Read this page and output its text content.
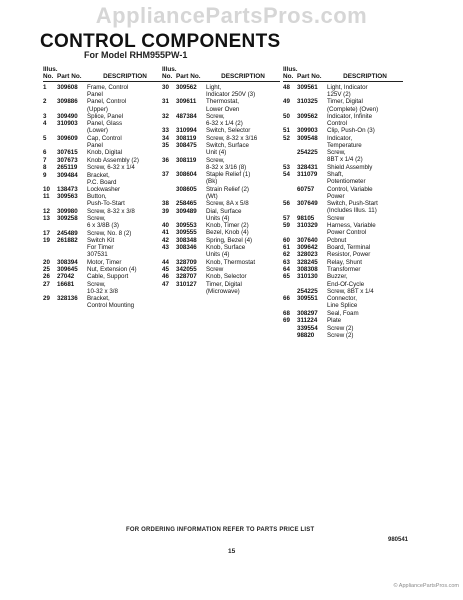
AppliancePartsPros.com
CONTROL COMPONENTS
For Model RHM955PW-1
Illus. No. Part No.	DESCRIPTION
1	309608	Frame, Control
Panel
2	309886	Panel, Control
(Upper)
3	309490	Splice, Panel
4	310903	Panel, Glass
(Lower)
5	309609	Cap, Control
Panel
6	307615	Knob, Digital
7	307673	Knob Assembly (2)
8	265119	Screw, 6-32 x 1/4
9	309484	Bracket,
P.C. Board
10	138473	Lockwasher
11	309563	Button,
Push-To-Start
12	309980	Screw, 8-32 x 3/8
13	309258	Screw,
6 x 3/8B (3)
17	245489	Screw, No. 8 (2)
19	261882	Switch Kit
For Timer
307531
20	308394	Motor, Timer
25	309645	Nut, Extension (4)
26	27042	Cable, Support
27	16681	Screw,
10-32 x 3/8
29	328136	Bracket,
Control Mounting
Illus. No. Part No.	DESCRIPTION
30	309562	Light,
Indicator 250V (3)
31	309611	Thermostat,
Lower Oven
32	487384	Screw,
6-32 x 1/4 (2)
33	310994	Switch, Selector
34	308119	Screw, 8-32 x 3/16
35	308475	Switch, Surface
Unit (4)
36	308119	Screw,
8-32 x 3/16 (8)
37	308604	Staple Relief (1)
(Bk)
308605	Strain Relief (2)
(Wt)
38	258465	Screw, 8A x 5/8
39	309489	Dial, Surface
Units (4)
40	309553	Knob, Timer (2)
41	309555	Bezel, Knob (4)
42	308348	Spring, Bezel (4)
43	308346	Knob, Surface
Units (4)
44	328709	Knob, Thermostat
45	342055	Screw
46	328707	Knob, Selector
47	310127	Timer, Digital
(Microwave)
Illus. No. Part No.	DESCRIPTION
48	309561	Light, Indicator
125V (2)
49	310325	Timer, Digital
(Complete) (Oven)
50	309562	Indicator, Infinite
Control
51	309903	Clip, Push-On (3)
52	309548	Indicator,
Temperature
254225	Screw,
8BT x 1/4 (2)
53	328431	Shield Assembly
54	311079	Shaft,
Potentiometer
60757	Control, Variable
Power
56	307649	Switch, Push-Start
(Includes Illus. 11)
57	98105	Screw
59	310329	Harness, Variable
Power Control
60	307640	Pcbnut
61	309642	Board, Terminal
62	328023	Resistor, Power
63	328245	Relay, Shunt
64	308308	Transformer
65	310130	Buzzer,
End-Of-Cycle
254225	Screw, 8BT x 1/4
66	309551	Connector,
Line Splice
68	308297	Seal, Foam
69	311224	Plate
339554	Screw (2)
98820	Screw (2)
FOR ORDERING INFORMATION REFER TO PARTS PRICE LIST
980541
15
© AppliancePartsPros.com
